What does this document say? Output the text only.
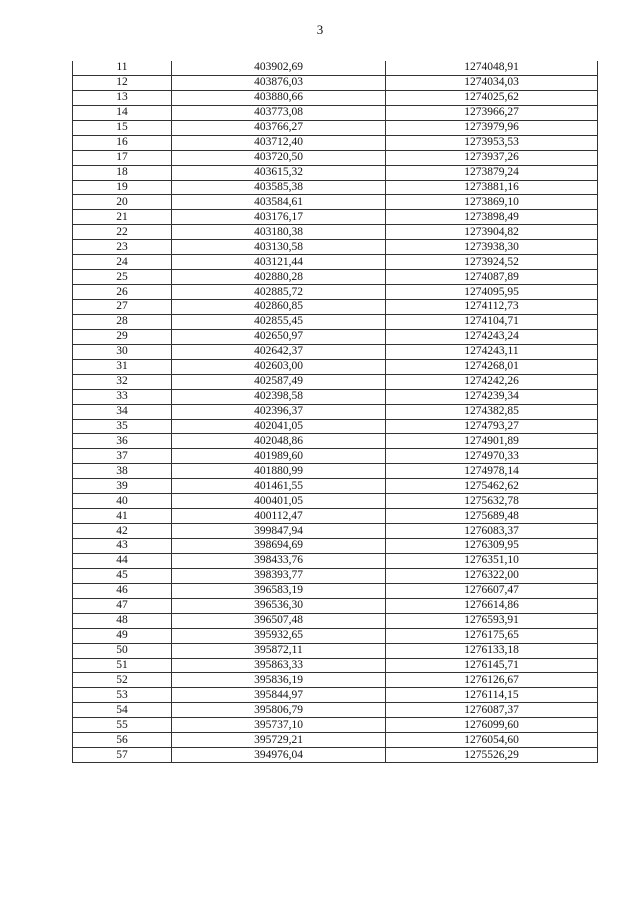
3
11	403902,69	1274048,91
12	403876,03	1274034,03
13	403880,66	1274025,62
14	403773,08	1273966,27
15	403766,27	1273979,96
16	403712,40	1273953,53
17	403720,50	1273937,26
18	403615,32	1273879,24
19	403585,38	1273881,16
20	403584,61	1273869,10
21	403176,17	1273898,49
22	403180,38	1273904,82
23	403130,58	1273938,30
24	403121,44	1273924,52
25	402880,28	1274087,89
26	402885,72	1274095,95
27	402860,85	1274112,73
28	402855,45	1274104,71
29	402650,97	1274243,24
30	402642,37	1274243,11
31	402603,00	1274268,01
32	402587,49	1274242,26
33	402398,58	1274239,34
34	402396,37	1274382,85
35	402041,05	1274793,27
36	402048,86	1274901,89
37	401989,60	1274970,33
38	401880,99	1274978,14
39	401461,55	1275462,62
40	400401,05	1275632,78
41	400112,47	1275689,48
42	399847,94	1276083,37
43	398694,69	1276309,95
44	398433,76	1276351,10
45	398393,77	1276322,00
46	396583,19	1276607,47
47	396536,30	1276614,86
48	396507,48	1276593,91
49	395932,65	1276175,65
50	395872,11	1276133,18
51	395863,33	1276145,71
52	395836,19	1276126,67
53	395844,97	1276114,15
54	395806,79	1276087,37
55	395737,10	1276099,60
56	395729,21	1276054,60
57	394976,04	1275526,29
